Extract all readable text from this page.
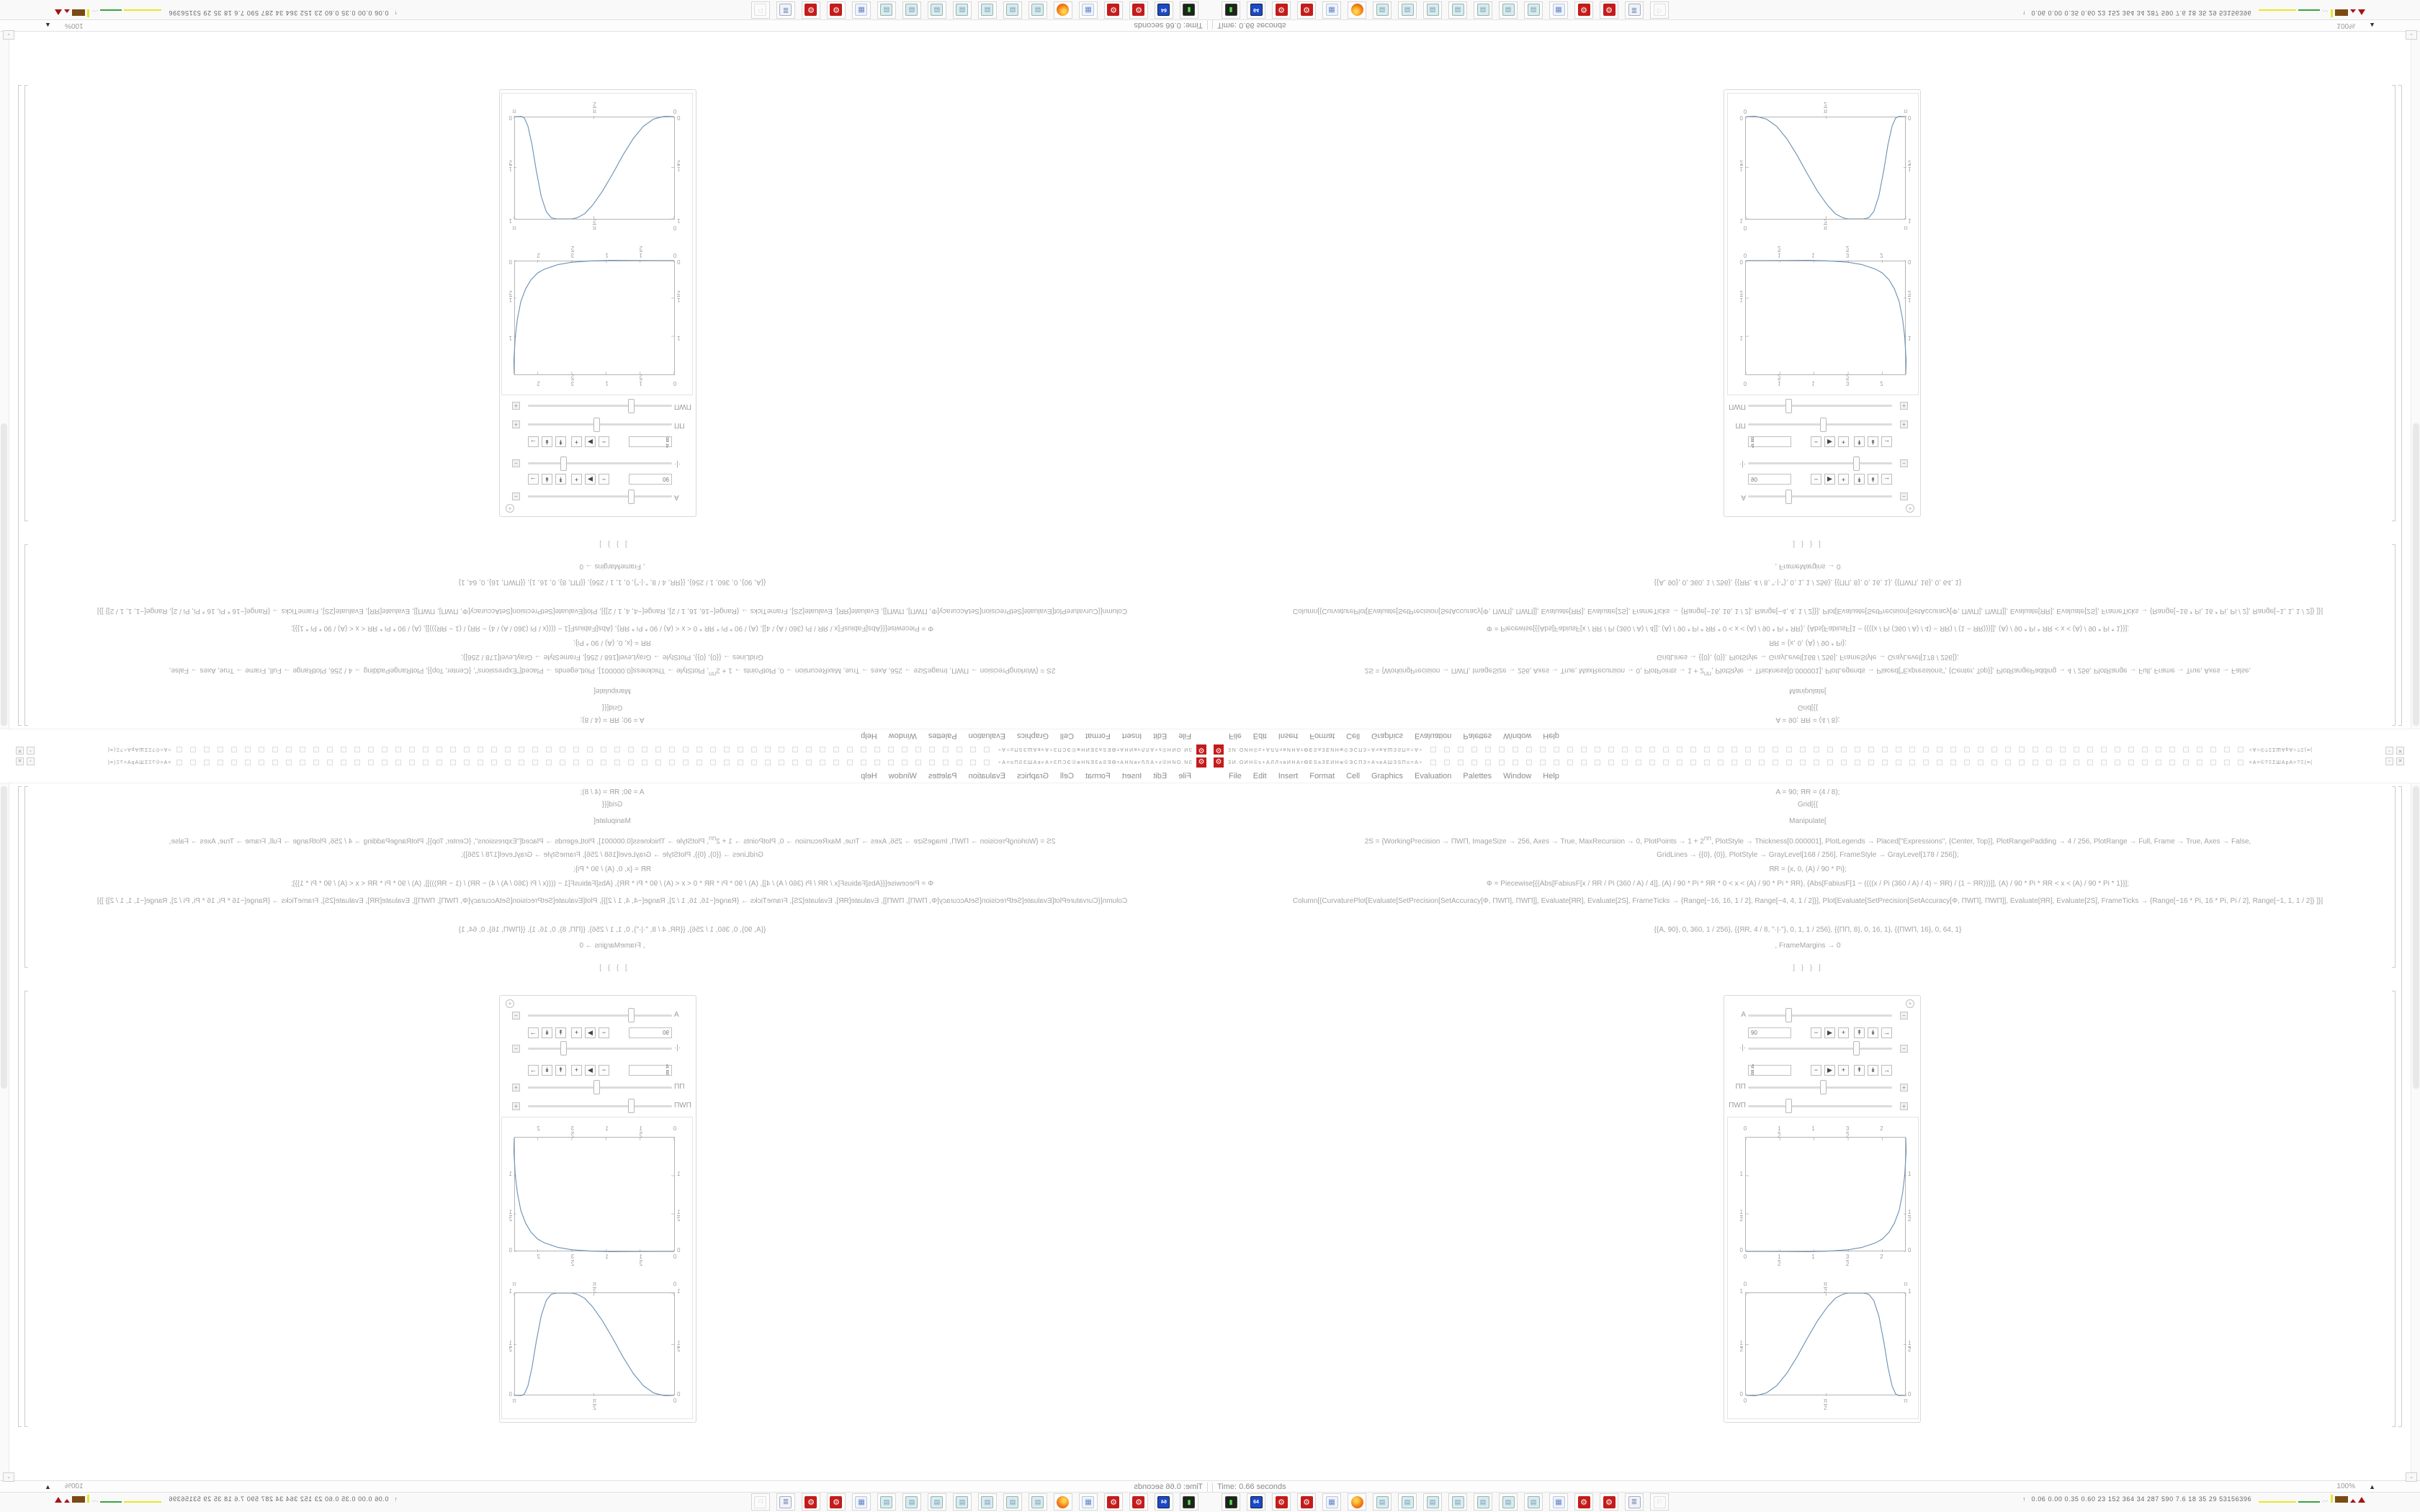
⚙	ЗИ.ОИН©s+АЛЛчвИНАтӨЕЅаЗЕИНж©ЭСПЗ=АчвАШЗЅПо=А÷	=А=©?ΞΣШАрА=?Ξ(≡(	▫	✕
File Edit Insert Format Cell Graphics Evaluation Palettes Window Help
A = 90; ЯR = (4 / 8);
Grid[{{
Manipulate[
2S = {WorkingPrecision → ΠWΠ, ImageSize → 256, Axes → True, MaxRecursion → 0, PlotPoints → $1 + 2^{\Pi\Pi}$, PlotStyle → Thickness[0.000001], PlotLegends → Placed["Expressions", {Center, Top}], PlotRangePadding → 4 / 256, PlotRange → Full, Frame → True, Axes → False,
GridLines → {{0}, {0}}, PlotStyle → GrayLevel[168 / 256], FrameStyle → GrayLevel[178 / 256]};
ЯR = {x, 0, (A) / 90 * Pi};
Φ = Piecewise[{{Abs[FabiusF[x / ЯR / Pi (360 / A) / 4]], (A) / 90 * Pi * ЯR * 0 < x < (A) / 90 * Pi * ЯR}, {Abs[FabiusF[1 − ((((x / Pi (360 / A) / 4) − ЯR) / (1 − ЯR)))]], (A) / 90 * Pi * ЯR < x < (A) / 90 * Pi * 1}}];
Column[{CurvaturePlot[Evaluate[SetPrecision[SetAccuracy[Φ, ΠWΠ], ΠWΠ]], Evaluate[ЯR], Evaluate[2S], FrameTicks → {Range[−16, 16, 1 / 2], Range[−4, 4, 1 / 2]}], Plot[Evaluate[SetPrecision[SetAccuracy[Φ, ΠWΠ], ΠWΠ]], Evaluate[ЯR], Evaluate[2S], FrameTicks → {Range[−16 * Pi, 16 * Pi, Pi / 2], Range[−1, 1, 1 / 2]} ]}]
{{A, 90}, 0, 360, 1 / 256}, {{ЯR, 4 / 8, "·|·"}, 0, 1, 1 / 256}, {{ΠΠ, 8}, 0, 16, 1}, {{ΠWΠ, 16}, 0, 64, 1}
, FrameMargins → 0
] } } ]
+
A	−
90	−	▶	+	↟	↡	→
·|·	−
$\frac{4}{8}$	−	▶	+	↟	↡	→
ΠΠ	+
ΠWΠ	+
0
0
$\frac{1}{2}$
$\frac{1}{2}$
1
1
$\frac{3}{2}$
$\frac{3}{2}$
2
2
0	0
$\frac{1}{2}$	$\frac{1}{2}$
1	1
0
0
$\frac{\pi}{2}$
$\frac{\pi}{2}$
π
π
0	0
$\frac{1}{2}$	$\frac{1}{2}$
1	1
Time: 0.66 seconds	100% ▲
⌄
▮	64	⚙	⚙	▦	▤	▤	▤	▤	▤	▤	▤	▦	⚙	⚙	≣	⚐	↑ 0.06 0.00 0.35 0.60 23 152 364 34 287 590 7.6 18 35 29 53156396	.·.·
⚙
ЗИ.ОИН©s+АЛЛчвИНАтӨЕЅаЗЕИНж©ЭСПЗ=АчвАШЗЅПо=А÷
=А=©?ΞΣШАрА=?Ξ(≡(
▫
✕
File
Edit
Insert
Format
Cell
Graphics
Evaluation
Palettes
Window
Help
A = 90; ЯR = (4 / 8);
Grid[{{
Manipulate[
2S = {WorkingPrecision → ΠWΠ, ImageSize → 256, Axes → True, MaxRecursion → 0, PlotPoints → $1 + 2^{\Pi\Pi}$, PlotStyle → Thickness[0.000001], PlotLegends → Placed["Expressions", {Center, Top}], PlotRangePadding → 4 / 256, PlotRange → Full, Frame → True, Axes → False,
GridLines → {{0}, {0}}, PlotStyle → GrayLevel[168 / 256], FrameStyle → GrayLevel[178 / 256]};
ЯR = {x, 0, (A) / 90 * Pi};
Φ = Piecewise[{{Abs[FabiusF[x / ЯR / Pi (360 / A) / 4]], (A) / 90 * Pi * ЯR * 0 < x < (A) / 90 * Pi * ЯR}, {Abs[FabiusF[1 − ((((x / Pi (360 / A) / 4) − ЯR) / (1 − ЯR)))]], (A) / 90 * Pi * ЯR < x < (A) / 90 * Pi * 1}}];
Column[{CurvaturePlot[Evaluate[SetPrecision[SetAccuracy[Φ, ΠWΠ], ΠWΠ]], Evaluate[ЯR], Evaluate[2S], FrameTicks → {Range[−16, 16, 1 / 2], Range[−4, 4, 1 / 2]}], Plot[Evaluate[SetPrecision[SetAccuracy[Φ, ΠWΠ], ΠWΠ]], Evaluate[ЯR], Evaluate[2S], FrameTicks → {Range[−16 * Pi, 16 * Pi, Pi / 2], Range[−1, 1, 1 / 2]} ]}]
{{A, 90}, 0, 360, 1 / 256}, {{ЯR, 4 / 8, "·|·"}, 0, 1, 1 / 256}, {{ΠΠ, 8}, 0, 16, 1}, {{ΠWΠ, 16}, 0, 64, 1}
, FrameMargins → 0
] } } ]
+
A
−
90
−
▶
+
↟
↡
→
·|·
−
$\frac{4}{8}$
−
▶
+
↟
↡
→
ΠΠ
+
ΠWΠ
+
0
0
$\frac{1}{2}$
$\frac{1}{2}$
1
1
$\frac{3}{2}$
$\frac{3}{2}$
2
2
0
0
$\frac{1}{2}$
$\frac{1}{2}$
1
1
0
0
$\frac{\pi}{2}$
$\frac{\pi}{2}$
π
π
0
0
$\frac{1}{2}$
$\frac{1}{2}$
1
1
Time: 0.66 seconds
100%
▲
⌄
▮
64
⚙
⚙
▦
▤
▤
▤
▤
▤
▤
▤
▦
⚙
⚙
≣
⚐
↑
0.06 0.00 0.35 0.60 23 152 364 34 287 590 7.6 18 35 29 53156396
.·.·
⚙	ЗИ.ОИН©s+АЛЛчвИНАтӨЕЅаЗЕИНж©ЭСПЗ=АчвАШЗЅПо=А÷	=А=©?ΞΣШАрА=?Ξ(≡(	▫	✕
File Edit Insert Format Cell Graphics Evaluation Palettes Window Help
A = 90; ЯR = (4 / 8);
Grid[{{
Manipulate[
2S = {WorkingPrecision → ΠWΠ, ImageSize → 256, Axes → True, MaxRecursion → 0, PlotPoints → $1 + 2^{\Pi\Pi}$, PlotStyle → Thickness[0.000001], PlotLegends → Placed["Expressions", {Center, Top}], PlotRangePadding → 4 / 256, PlotRange → Full, Frame → True, Axes → False,
GridLines → {{0}, {0}}, PlotStyle → GrayLevel[168 / 256], FrameStyle → GrayLevel[178 / 256]};
ЯR = {x, 0, (A) / 90 * Pi};
Φ = Piecewise[{{Abs[FabiusF[x / ЯR / Pi (360 / A) / 4]], (A) / 90 * Pi * ЯR * 0 < x < (A) / 90 * Pi * ЯR}, {Abs[FabiusF[1 − ((((x / Pi (360 / A) / 4) − ЯR) / (1 − ЯR)))]], (A) / 90 * Pi * ЯR < x < (A) / 90 * Pi * 1}}];
Column[{CurvaturePlot[Evaluate[SetPrecision[SetAccuracy[Φ, ΠWΠ], ΠWΠ]], Evaluate[ЯR], Evaluate[2S], FrameTicks → {Range[−16, 16, 1 / 2], Range[−4, 4, 1 / 2]}], Plot[Evaluate[SetPrecision[SetAccuracy[Φ, ΠWΠ], ΠWΠ]], Evaluate[ЯR], Evaluate[2S], FrameTicks → {Range[−16 * Pi, 16 * Pi, Pi / 2], Range[−1, 1, 1 / 2]} ]}]
{{A, 90}, 0, 360, 1 / 256}, {{ЯR, 4 / 8, "·|·"}, 0, 1, 1 / 256}, {{ΠΠ, 8}, 0, 16, 1}, {{ΠWΠ, 16}, 0, 64, 1}
, FrameMargins → 0
] } } ]
+
A	−
90	−	▶	+	↟	↡	→
·|·	−
4
8	−	▶	+	↟	↡	→
ΠΠ	+
ΠWΠ	+
0
0
1
2
1
2
1
1
3
2
3
2
2
2
0	0
1
2
1
2
1	1
0
0
π
2
π
2
π
π
0	0
1
2
1
2
1	1
Time: 0.66 seconds	100% ▲
⌄
▮	64	⚙	⚙	▦	▤	▤	▤	▤	▤	▤	▤	▦	⚙	⚙	≣	⚐	↑ 0.06 0.00 0.35 0.60 23 152 364 34 287 590 7.6 18 35 29 53156396	.·.·
⚙
ЗИ.ОИН©s+АЛЛчвИНАтӨЕЅаЗЕИНж©ЭСПЗ=АчвАШЗЅПо=А÷
=А=©?ΞΣШАрА=?Ξ(≡(
▫
✕
File
Edit
Insert
Format
Cell
Graphics
Evaluation
Palettes
Window
Help
A = 90; ЯR = (4 / 8);
Grid[{{
Manipulate[
2S = {WorkingPrecision → ΠWΠ, ImageSize → 256, Axes → True, MaxRecursion → 0, PlotPoints → $1 + 2^{\Pi\Pi}$, PlotStyle → Thickness[0.000001], PlotLegends → Placed["Expressions", {Center, Top}], PlotRangePadding → 4 / 256, PlotRange → Full, Frame → True, Axes → False,
GridLines → {{0}, {0}}, PlotStyle → GrayLevel[168 / 256], FrameStyle → GrayLevel[178 / 256]};
ЯR = {x, 0, (A) / 90 * Pi};
Φ = Piecewise[{{Abs[FabiusF[x / ЯR / Pi (360 / A) / 4]], (A) / 90 * Pi * ЯR * 0 < x < (A) / 90 * Pi * ЯR}, {Abs[FabiusF[1 − ((((x / Pi (360 / A) / 4) − ЯR) / (1 − ЯR)))]], (A) / 90 * Pi * ЯR < x < (A) / 90 * Pi * 1}}];
Column[{CurvaturePlot[Evaluate[SetPrecision[SetAccuracy[Φ, ΠWΠ], ΠWΠ]], Evaluate[ЯR], Evaluate[2S], FrameTicks → {Range[−16, 16, 1 / 2], Range[−4, 4, 1 / 2]}], Plot[Evaluate[SetPrecision[SetAccuracy[Φ, ΠWΠ], ΠWΠ]], Evaluate[ЯR], Evaluate[2S], FrameTicks → {Range[−16 * Pi, 16 * Pi, Pi / 2], Range[−1, 1, 1 / 2]} ]}]
{{A, 90}, 0, 360, 1 / 256}, {{ЯR, 4 / 8, "·|·"}, 0, 1, 1 / 256}, {{ΠΠ, 8}, 0, 16, 1}, {{ΠWΠ, 16}, 0, 64, 1}
, FrameMargins → 0
] } } ]
+
A
−
90
−
▶
+
↟
↡
→
·|·
−
4
8
−
▶
+
↟
↡
→
ΠΠ
+
ΠWΠ
+
0
0
1
2
1
2
1
1
3
2
3
2
2
2
0
0
1
2
1
2
1
1
0
0
π
2
π
2
π
π
0
0
1
2
1
2
1
1
Time: 0.66 seconds
100%
▲
⌄
▮
64
⚙
⚙
▦
▤
▤
▤
▤
▤
▤
▤
▦
⚙
⚙
≣
⚐
↑
0.06 0.00 0.35 0.60 23 152 364 34 287 590 7.6 18 35 29 53156396
.·.·
